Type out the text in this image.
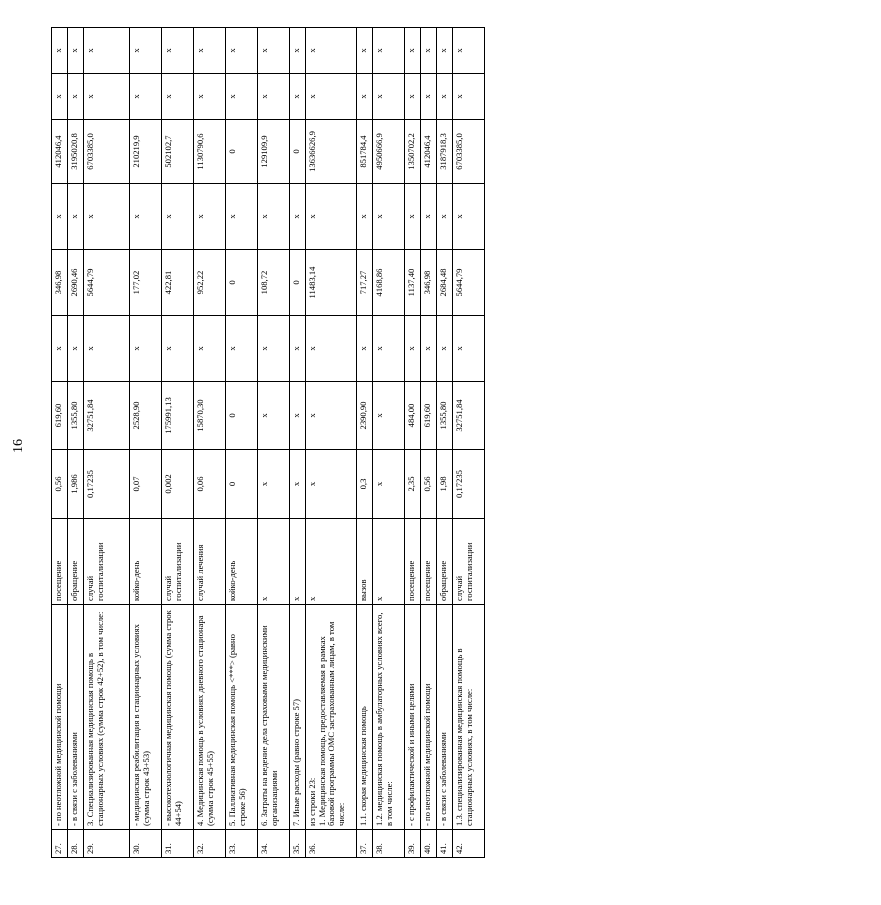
16
27.	- по неотложной медицинской помощи	посещение	0,56	619,60	х	346,98	х	412046,4	х	х
28.	- в связи с заболеваниями	обращение	1,986	1355,80	х	2690,46	х	3195020,8	х	х
29.	3. Специализированная медицинская помощь в стационарных условиях (сумма строк 42+52), в том числе:	случай госпитализации	0,17235	32751,84	х	5644,79	х	6703385,0	х	х
30.	- медицинская реабилитация в стационарных условиях (сумма строк 43+53)	койко-день	0,07	2528,90	х	177,02	х	210219,9	х	х
31.	- высокотехнологичная медицинская помощь (сумма строк 44+54)	случай госпитализации	0,002	175991,13	х	422,81	х	502102,7	х	х
32.	4. Медицинская помощь в условиях дневного стационара (сумма строк 45+55)	случай лечения	0,06	15870,30	х	952,22	х	1130790,6	х	х
33.	5. Паллиативная медицинская помощь <***> (равно строке 56)	койко-день	0	0	х	0	х	0	х	х
34.	6. Затраты на ведение дела страховыми медицинскими организациями	х	х	х	х	108,72	х	129109,9	х	х
35.	7. Иные расходы (равно строке 57)	х	х	х	х	0	х	0	х	х
36.	из строки 23:
1. Медицинская помощь, предоставляемая в рамках базовой программы ОМС застрахованным лицам, в том числе:	х	х	х	х	11483,14	х	13636626,9	х	х
37.	1.1. скорая медицинская помощь	вызов	0,3	2390,90	х	717,27	х	851784,4	х	х
38.	1.2. медицинская помощь в амбулаторных условиях всего, в том числе:	х	х	х	х	4168,86	х	4950666,9	х	х
39.	- с профилактической и иными целями	посещение	2,35	484,00	х	1137,40	х	1350702,2	х	х
40.	- по неотложной медицинской помощи	посещение	0,56	619,60	х	346,98	х	412046,4	х	х
41.	- в связи с заболеваниями	обращение	1,98	1355,80	х	2684,48	х	3187918,3	х	х
42.	1.3. специализированная медицинская помощь в стационарных условиях, в том числе:	случай госпитализации	0,17235	32751,84	х	5644,79	х	6703385,0	х	х
